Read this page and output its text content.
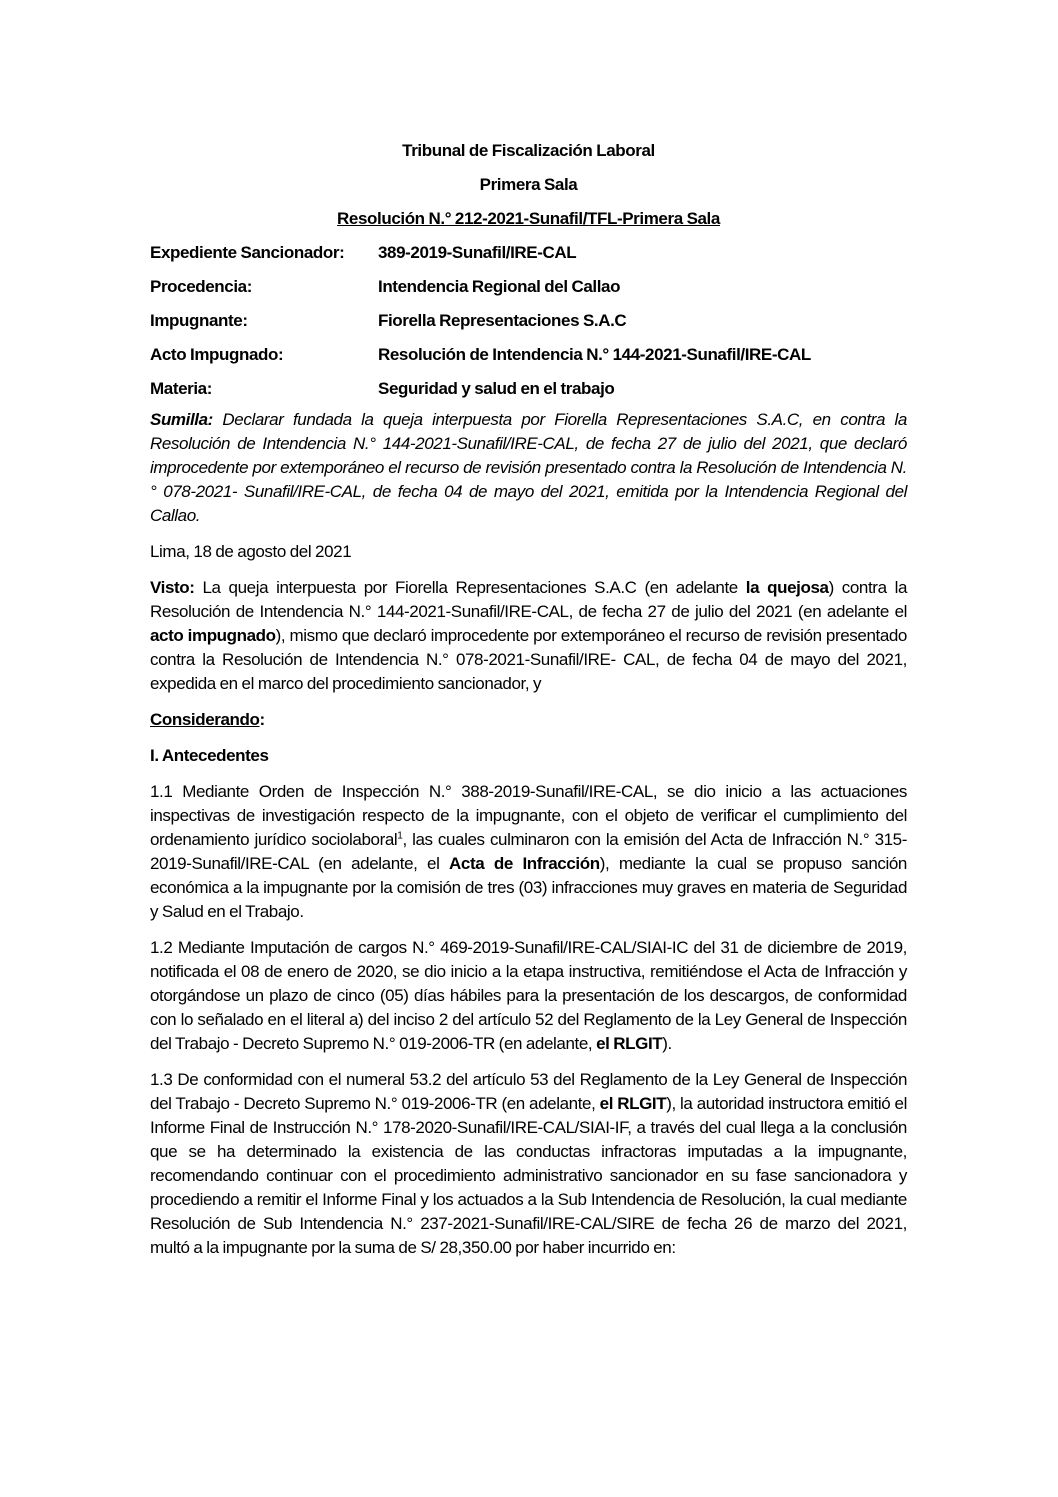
Tribunal de Fiscalización Laboral
Primera Sala
Resolución N.° 212-2021-Sunafil/TFL-Primera Sala
Expediente Sancionador:	389-2019-Sunafil/IRE-CAL
Procedencia:	Intendencia Regional del Callao
Impugnante:	Fiorella Representaciones S.A.C
Acto Impugnado:	Resolución de Intendencia N.° 144-2021-Sunafil/IRE-CAL
Materia:	Seguridad y salud en el trabajo

Sumilla: Declarar fundada la queja interpuesta por Fiorella Representaciones S.A.C, en contra la Resolución de Intendencia N.° 144-2021-Sunafil/IRE-CAL, de fecha 27 de julio del 2021, que declaró improcedente por extemporáneo el recurso de revisión presentado contra la Resolución de Intendencia N.° 078-2021- Sunafil/IRE-CAL, de fecha 04 de mayo del 2021, emitida por la Intendencia Regional del Callao.

Lima, 18 de agosto del 2021

Visto: La queja interpuesta por Fiorella Representaciones S.A.C (en adelante la quejosa) contra la Resolución de Intendencia N.° 144-2021-Sunafil/IRE-CAL, de fecha 27 de julio del 2021 (en adelante el acto impugnado), mismo que declaró improcedente por extemporáneo el recurso de revisión presentado contra la Resolución de Intendencia N.° 078-2021-Sunafil/IRE- CAL, de fecha 04 de mayo del 2021, expedida en el marco del procedimiento sancionador, y

Considerando:
I. Antecedentes

1.1 Mediante Orden de Inspección N.° 388-2019-Sunafil/IRE-CAL, se dio inicio a las actuaciones inspectivas de investigación respecto de la impugnante, con el objeto de verificar el cumplimiento del ordenamiento jurídico sociolaboral$^1$, las cuales culminaron con la emisión del Acta de Infracción N.° 315-2019-Sunafil/IRE-CAL (en adelante, el Acta de Infracción), mediante la cual se propuso sanción económica a la impugnante por la comisión de tres (03) infracciones muy graves en materia de Seguridad y Salud en el Trabajo.

1.2 Mediante Imputación de cargos N.° 469-2019-Sunafil/IRE-CAL/SIAI-IC del 31 de diciembre de 2019, notificada el 08 de enero de 2020, se dio inicio a la etapa instructiva, remitiéndose el Acta de Infracción y otorgándose un plazo de cinco (05) días hábiles para la presentación de los descargos, de conformidad con lo señalado en el literal a) del inciso 2 del artículo 52 del Reglamento de la Ley General de Inspección del Trabajo - Decreto Supremo N.° 019-2006-TR (en adelante, el RLGIT).

1.3 De conformidad con el numeral 53.2 del artículo 53 del Reglamento de la Ley General de Inspección del Trabajo - Decreto Supremo N.° 019-2006-TR (en adelante, el RLGIT), la autoridad instructora emitió el Informe Final de Instrucción N.° 178-2020-Sunafil/IRE-CAL/SIAI-IF, a través del cual llega a la conclusión que se ha determinado la existencia de las conductas infractoras imputadas a la impugnante, recomendando continuar con el procedimiento administrativo sancionador en su fase sancionadora y procediendo a remitir el Informe Final y los actuados a la Sub Intendencia de Resolución, la cual mediante Resolución de Sub Intendencia N.° 237-2021-Sunafil/IRE-CAL/SIRE de fecha 26 de marzo del 2021, multó a la impugnante por la suma de S/ 28,350.00 por haber incurrido en:
